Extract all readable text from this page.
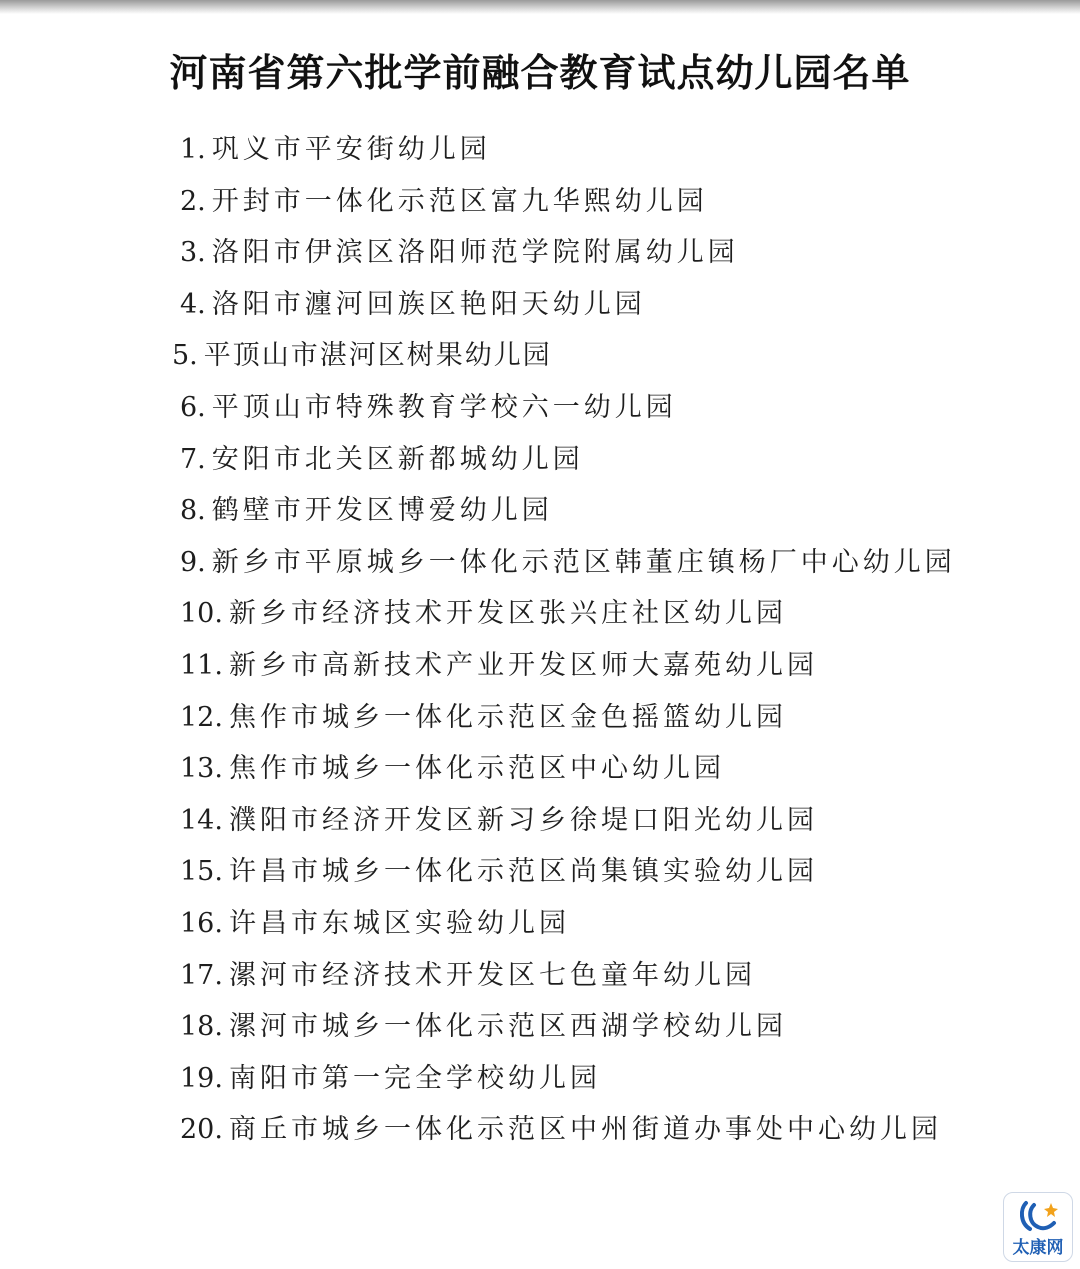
河南省第六批学前融合教育试点幼儿园名单
1. 巩义市平安街幼儿园
2. 开封市一体化示范区富九华熙幼儿园
3. 洛阳市伊滨区洛阳师范学院附属幼儿园
4. 洛阳市瀍河回族区艳阳天幼儿园
5. 平顶山市湛河区树果幼儿园
6. 平顶山市特殊教育学校六一幼儿园
7. 安阳市北关区新都城幼儿园
8. 鹤壁市开发区博爱幼儿园
9. 新乡市平原城乡一体化示范区韩董庄镇杨厂中心幼儿园
10. 新乡市经济技术开发区张兴庄社区幼儿园
11. 新乡市高新技术产业开发区师大嘉苑幼儿园
12. 焦作市城乡一体化示范区金色摇篮幼儿园
13. 焦作市城乡一体化示范区中心幼儿园
14. 濮阳市经济开发区新习乡徐堤口阳光幼儿园
15. 许昌市城乡一体化示范区尚集镇实验幼儿园
16. 许昌市东城区实验幼儿园
17. 漯河市经济技术开发区七色童年幼儿园
18. 漯河市城乡一体化示范区西湖学校幼儿园
19. 南阳市第一完全学校幼儿园
20. 商丘市城乡一体化示范区中州街道办事处中心幼儿园
太康网
